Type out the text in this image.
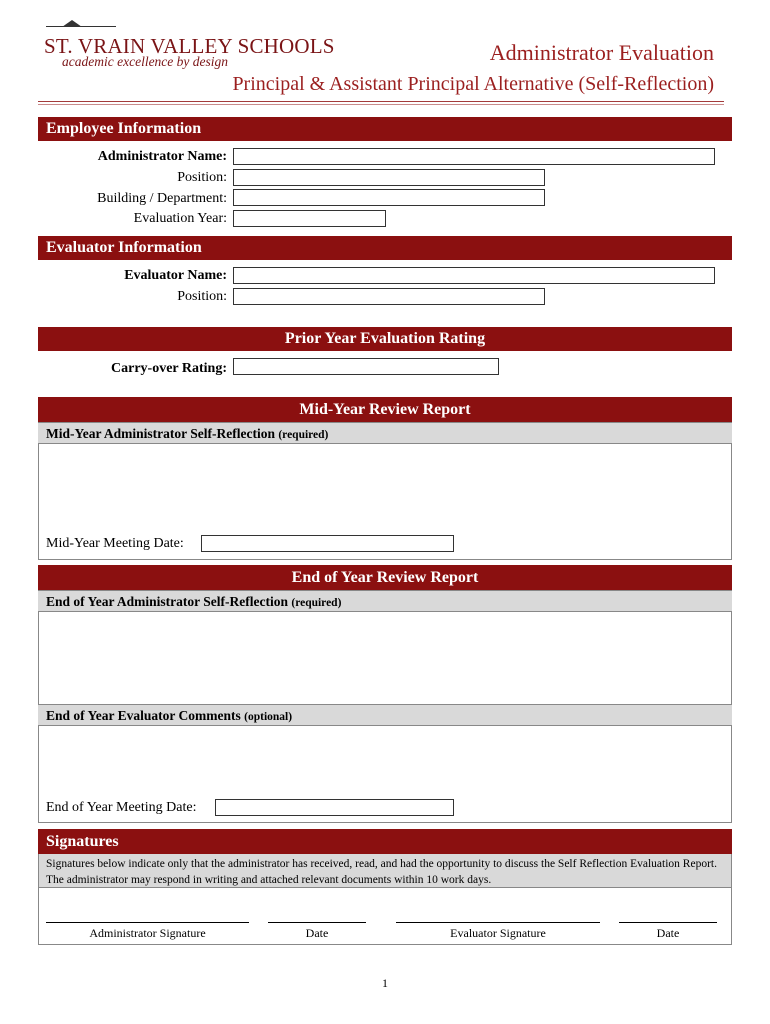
ST. VRAIN VALLEY SCHOOLS
academic excellence by design	Administrator Evaluation
Principal & Assistant Principal Alternative (Self-Reflection)
Employee Information
Administrator Name:
Position:
Building / Department:
Evaluation Year:
Evaluator Information
Evaluator Name:
Position:
Prior Year Evaluation Rating
Carry-over Rating:
Mid-Year Review Report
Mid-Year Administrator Self-Reflection (required)
Mid-Year Meeting Date:
End of Year Review Report
End of Year Administrator Self-Reflection (required)
End of Year Evaluator Comments (optional)
End of Year Meeting Date:
Signatures
Signatures below indicate only that the administrator has received, read, and had the opportunity to discuss the Self Reflection Evaluation Report. The administrator may respond in writing and attached relevant documents within 10 work days.
Administrator Signature	Date	Evaluator Signature	Date
1
